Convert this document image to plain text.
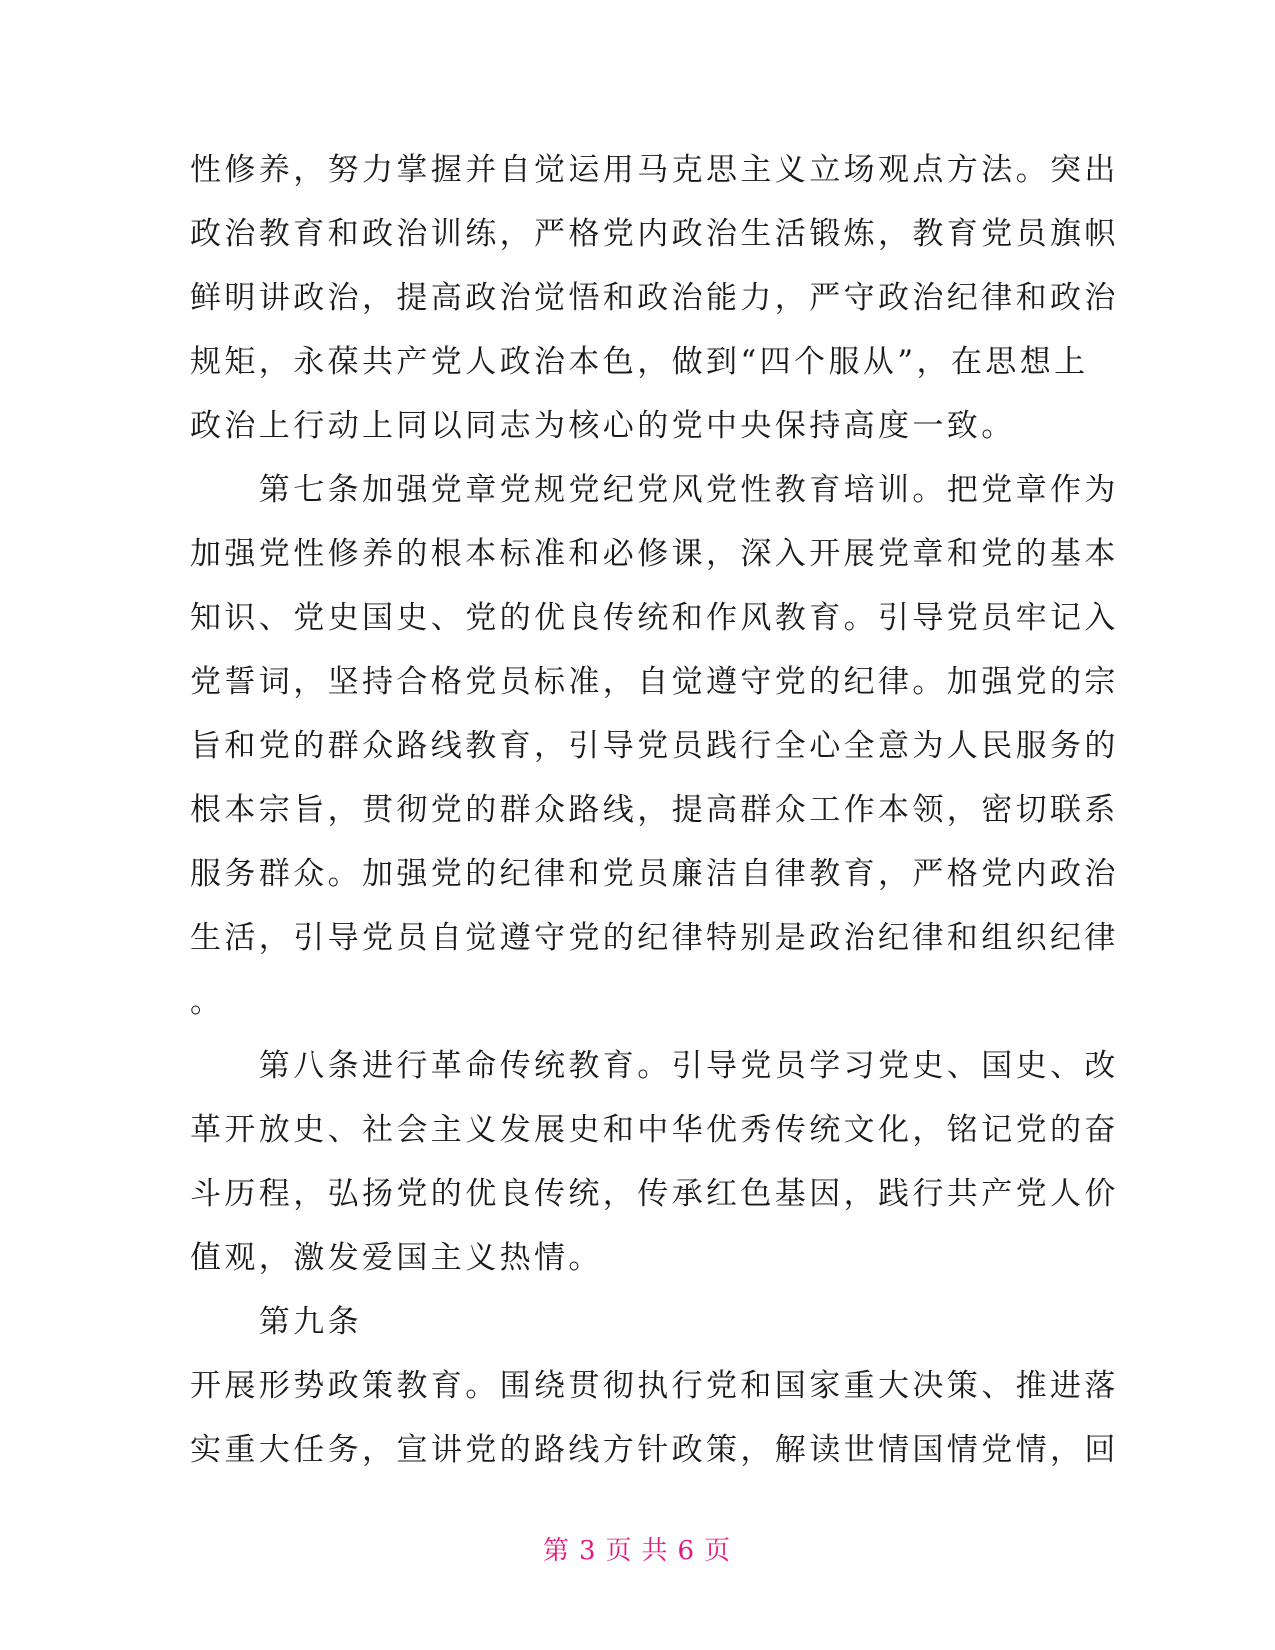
性修养，努力掌握并自觉运用马克思主义立场观点方法。突出
政治教育和政治训练，严格党内政治生活锻炼，教育党员旗帜
鲜明讲政治，提高政治觉悟和政治能力，严守政治纪律和政治
规矩，永葆共产党人政治本色，做到“四个服从”，在思想上
政治上行动上同以同志为核心的党中央保持高度一致。
　　第七条加强党章党规党纪党风党性教育培训。把党章作为
加强党性修养的根本标准和必修课，深入开展党章和党的基本
知识、党史国史、党的优良传统和作风教育。引导党员牢记入
党誓词，坚持合格党员标准，自觉遵守党的纪律。加强党的宗
旨和党的群众路线教育，引导党员践行全心全意为人民服务的
根本宗旨，贯彻党的群众路线，提高群众工作本领，密切联系
服务群众。加强党的纪律和党员廉洁自律教育，严格党内政治
生活，引导党员自觉遵守党的纪律特别是政治纪律和组织纪律
。
　　第八条进行革命传统教育。引导党员学习党史、国史、改
革开放史、社会主义发展史和中华优秀传统文化，铭记党的奋
斗历程，弘扬党的优良传统，传承红色基因，践行共产党人价
值观，激发爱国主义热情。
　　第九条
开展形势政策教育。围绕贯彻执行党和国家重大决策、推进落
实重大任务，宣讲党的路线方针政策，解读世情国情党情，回
第 3 页 共 6 页
